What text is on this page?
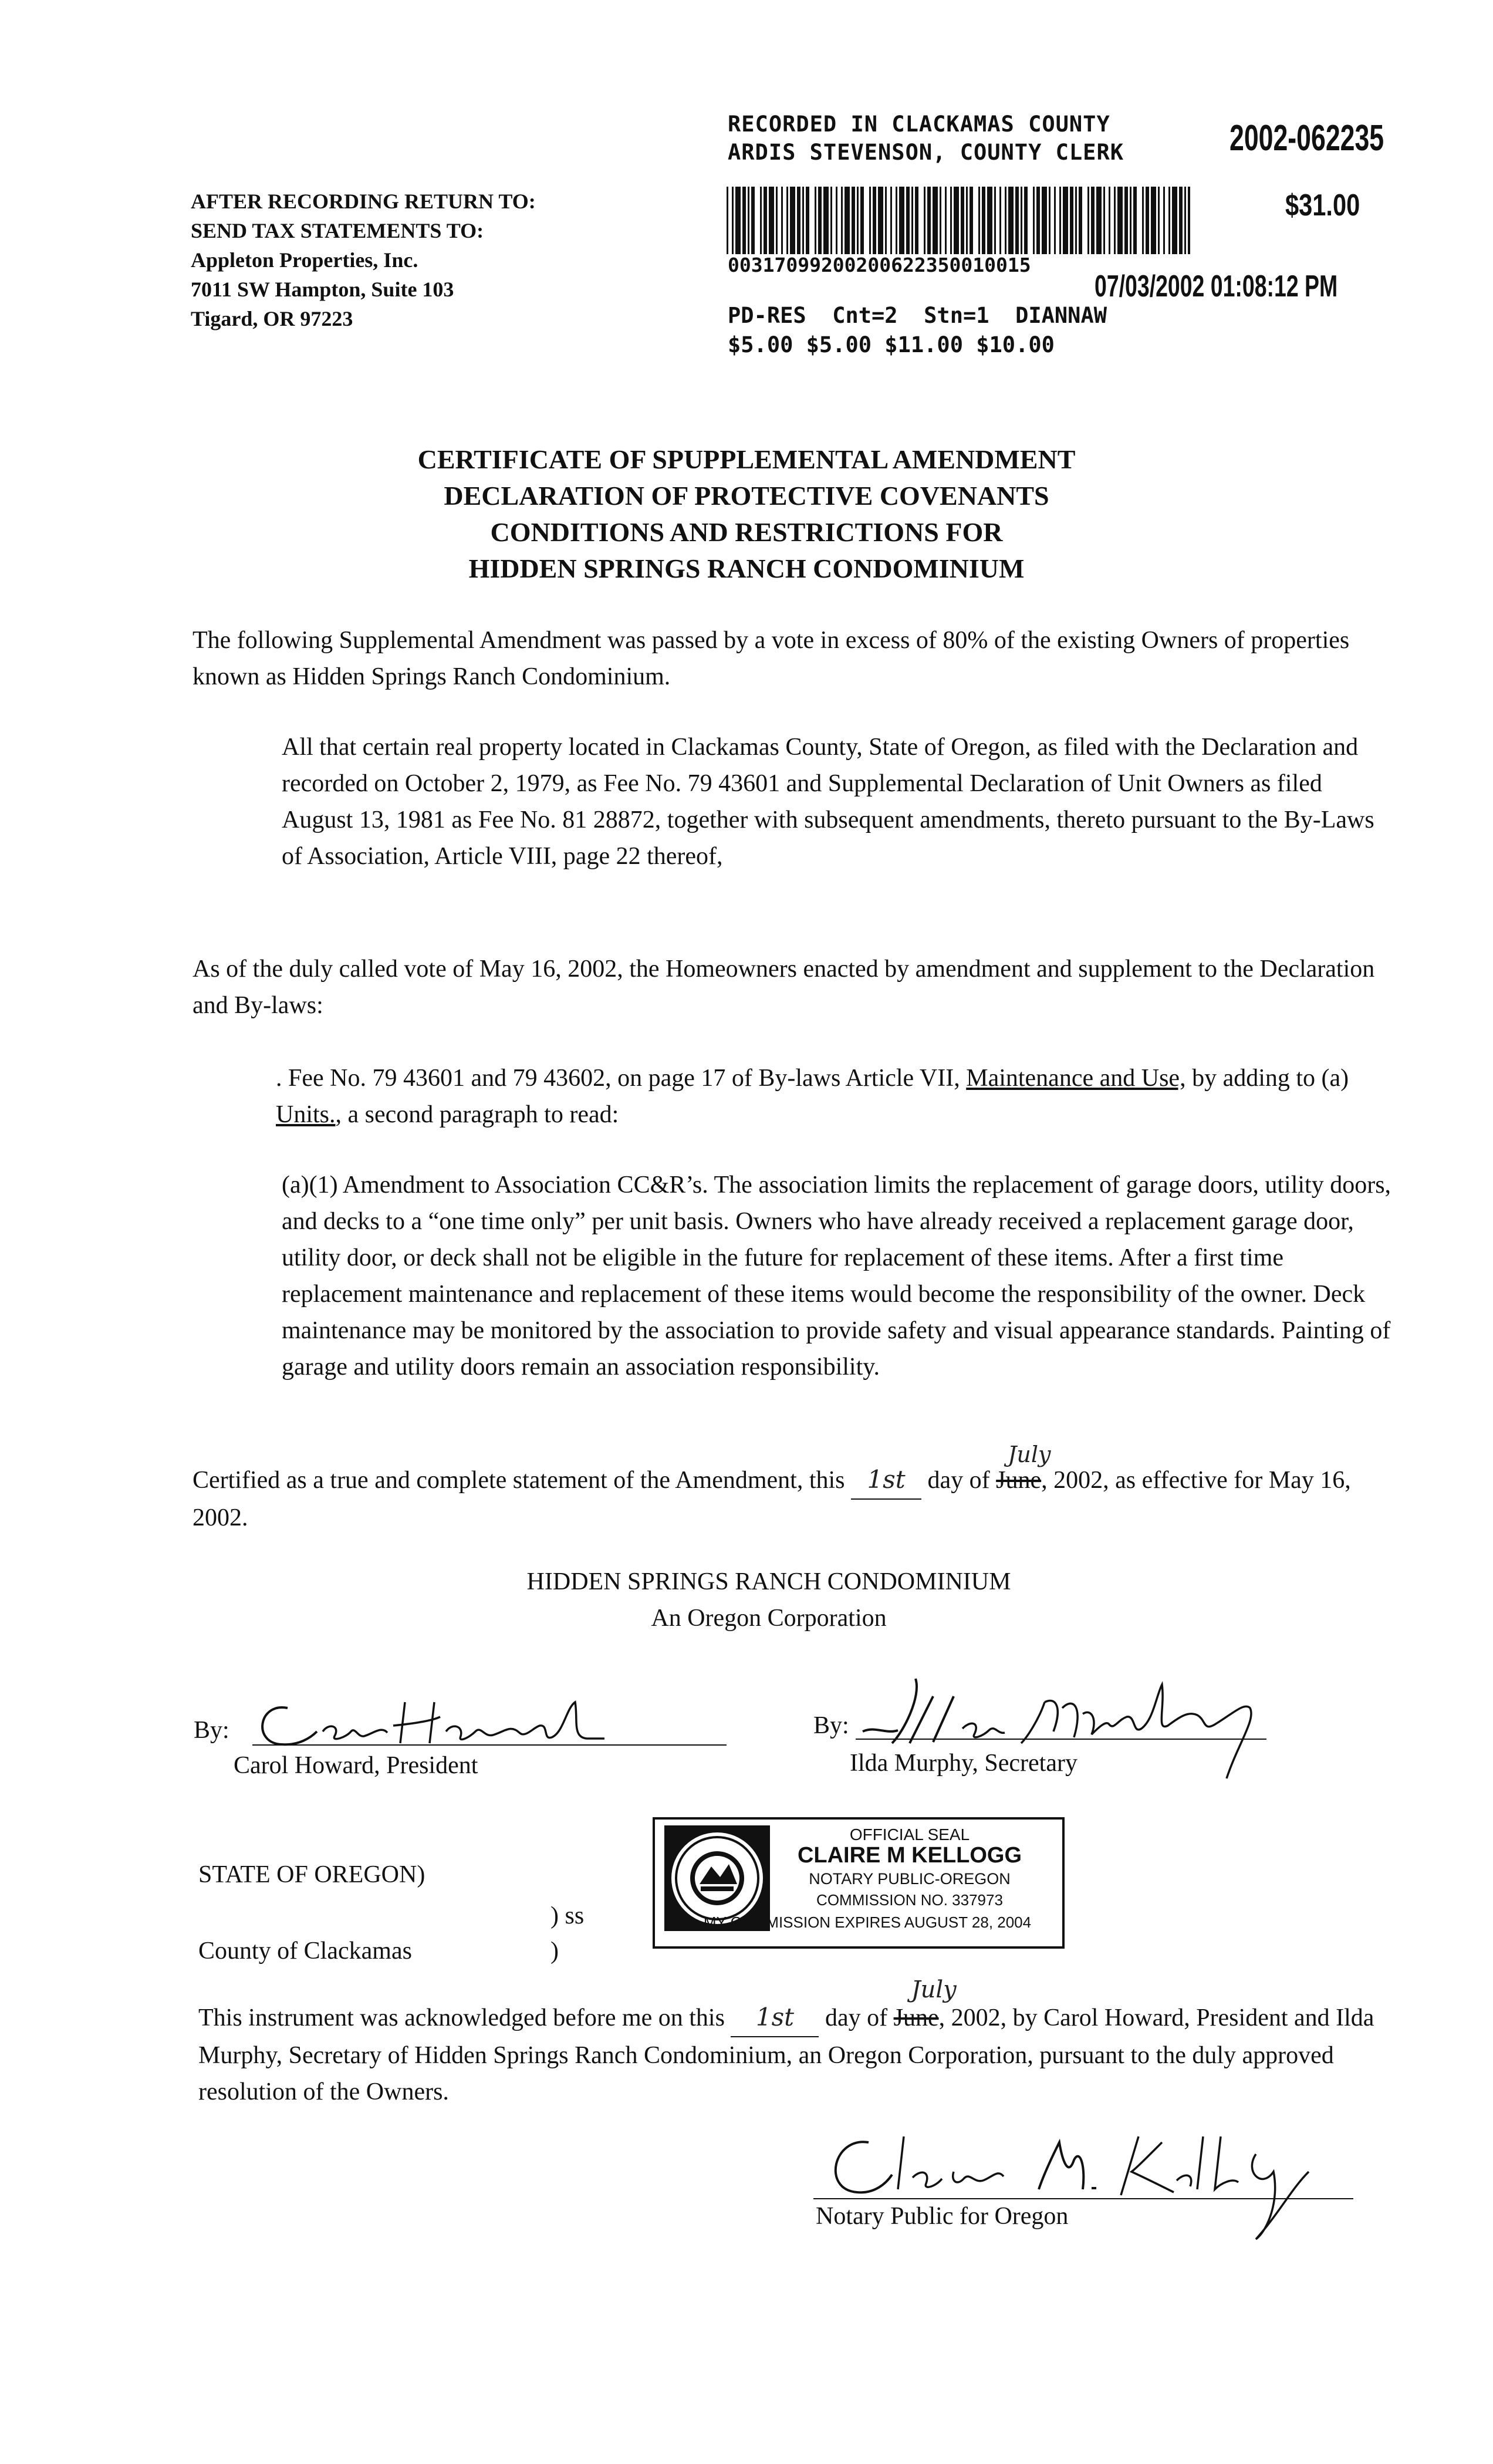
AFTER RECORDING RETURN TO:
SEND TAX STATEMENTS TO:
Appleton Properties, Inc.
7011 SW Hampton, Suite 103
Tigard, OR 97223
RECORDED IN CLACKAMAS COUNTY
ARDIS STEVENSON, COUNTY CLERK	2002-062235
$31.00
00317099200200622350010015
07/03/2002 01:08:12 PM
PD-RES  Cnt=2  Stn=1  DIANNAW
$5.00 $5.00 $11.00 $10.00
CERTIFICATE OF SPUPPLEMENTAL AMENDMENT
DECLARATION OF PROTECTIVE COVENANTS
CONDITIONS AND RESTRICTIONS FOR
HIDDEN SPRINGS RANCH CONDOMINIUM
The following Supplemental Amendment was passed by a vote in excess of 80% of the existing Owners of properties known as Hidden Springs Ranch Condominium.
All that certain real property located in Clackamas County, State of Oregon, as filed with the Declaration and recorded on October 2, 1979, as Fee No. 79 43601 and Supplemental Declaration of Unit Owners as filed August 13, 1981 as Fee No. 81 28872, together with subsequent amendments, thereto pursuant to the By-Laws of Association, Article VIII, page 22 thereof,
As of the duly called vote of May 16, 2002, the Homeowners enacted by amendment and supplement to the Declaration and By-laws:
. Fee No. 79 43601 and 79 43602, on page 17 of By-laws Article VII, Maintenance and Use, by adding to (a) Units., a second paragraph to read:
(a)(1) Amendment to Association CC&R’s. The association limits the replacement of garage doors, utility doors, and decks to a “one time only” per unit basis. Owners who have already received a replacement garage door, utility door, or deck shall not be eligible in the future for replacement of these items. After a first time replacement maintenance and replacement of these items would become the responsibility of the owner. Deck maintenance may be monitored by the association to provide safety and visual appearance standards. Painting of garage and utility doors remain an association responsibility.
Certified as a true and complete statement of the Amendment, this 1st day of
July
June, 2002, as effective for May 16, 2002.
HIDDEN SPRINGS RANCH CONDOMINIUM
An Oregon Corporation
By:
Carol Howard, President
By:
Ilda Murphy, Secretary
STATE OF OREGON)
) ss
County of Clackamas	)
OFFICIAL SEAL
CLAIRE M KELLOGG
NOTARY PUBLIC-OREGON
COMMISSION NO. 337973
MY COMMISSION EXPIRES AUGUST 28, 2004
This instrument was acknowledged before me on this 1st day of
July
June, 2002, by Carol Howard, President and Ilda Murphy, Secretary of Hidden Springs Ranch Condominium, an Oregon Corporation, pursuant to the duly approved resolution of the Owners.
Notary Public for Oregon
